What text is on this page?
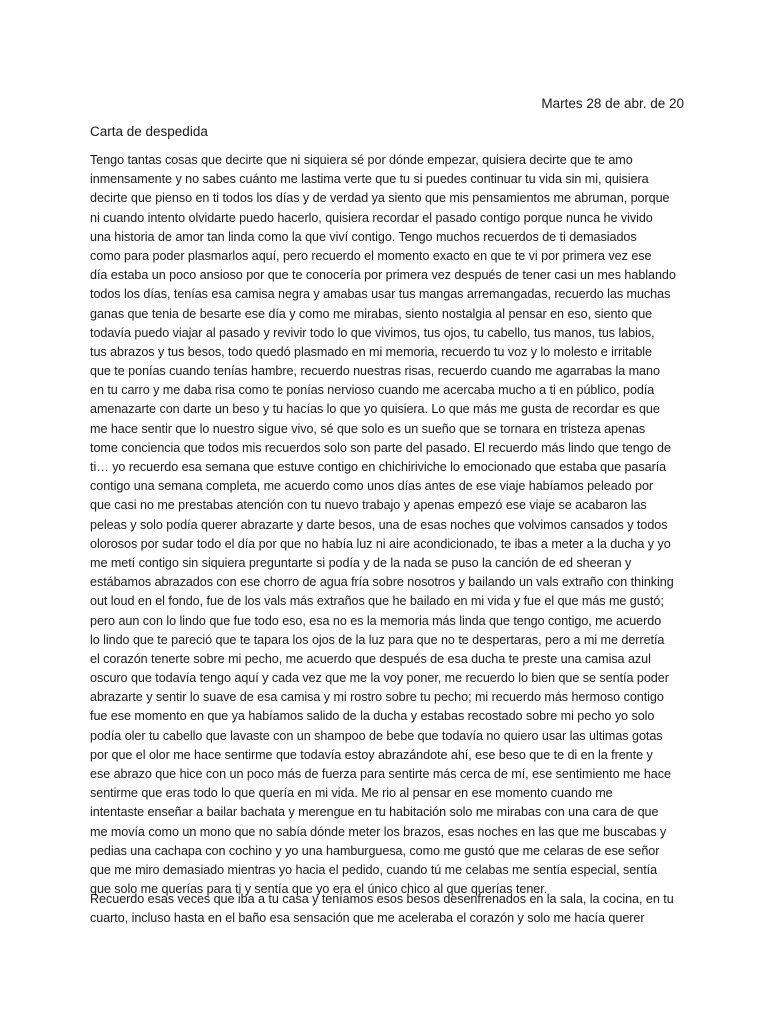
Martes 28 de abr. de 20
Carta de despedida
Tengo tantas cosas que decirte que ni siquiera sé por dónde empezar, quisiera decirte que te amo
inmensamente y no sabes cuánto me lastima verte que tu si puedes continuar tu vida sin mi, quisiera
decirte que pienso en ti todos los días y de verdad ya siento que mis pensamientos me abruman, porque
ni cuando intento olvidarte puedo hacerlo, quisiera recordar el pasado contigo porque nunca he vivido
una historia de amor tan linda como la que viví contigo. Tengo muchos recuerdos de ti demasiados
como para poder plasmarlos aquí, pero recuerdo el momento exacto en que te vi por primera vez ese
día estaba un poco ansioso por que te conocería por primera vez después de tener casi un mes hablando
todos los días, tenías esa camisa negra y amabas usar tus mangas arremangadas, recuerdo las muchas
ganas que tenia de besarte ese día y como me mirabas, siento nostalgia al pensar en eso, siento que
todavía puedo viajar al pasado y revivir todo lo que vivimos, tus ojos, tu cabello, tus manos, tus labios,
tus abrazos y tus besos, todo quedó plasmado en mi memoria, recuerdo tu voz y lo molesto e irritable
que te ponías cuando tenías hambre, recuerdo nuestras risas, recuerdo cuando me agarrabas la mano
en tu carro y me daba risa como te ponías nervioso cuando me acercaba mucho a ti en público, podía
amenazarte con darte un beso y tu hacías lo que yo quisiera. Lo que más me gusta de recordar es que
me hace sentir que lo nuestro sigue vivo, sé que solo es un sueño que se tornara en tristeza apenas
tome conciencia que todos mis recuerdos solo son parte del pasado. El recuerdo más lindo que tengo de
ti… yo recuerdo esa semana que estuve contigo en chichiriviche lo emocionado que estaba que pasaría
contigo una semana completa, me acuerdo como unos días antes de ese viaje habíamos peleado por
que casi no me prestabas atención con tu nuevo trabajo y apenas empezó ese viaje se acabaron las
peleas y solo podía querer abrazarte y darte besos, una de esas noches que volvimos cansados y todos
olorosos por sudar todo el día por que no había luz ni aire acondicionado, te ibas a meter a la ducha y yo
me metí contigo sin siquiera preguntarte si podía y de la nada se puso la canción de ed sheeran y
estábamos abrazados con ese chorro de agua fría sobre nosotros y bailando un vals extraño con thinking
out loud en el fondo, fue de los vals más extraños que he bailado en mi vida y fue el que más me gustó;
pero aun con lo lindo que fue todo eso, esa no es la memoria más linda que tengo contigo, me acuerdo
lo lindo que te pareció que te tapara los ojos de la luz para que no te despertaras, pero a mi me derretía
el corazón tenerte sobre mi pecho, me acuerdo que después de esa ducha te preste una camisa azul
oscuro que todavía tengo aquí y cada vez que me la voy poner, me recuerdo lo bien que se sentía poder
abrazarte y sentir lo suave de esa camisa y mi rostro sobre tu pecho; mi recuerdo más hermoso contigo
fue ese momento en que ya habíamos salido de la ducha y estabas recostado sobre mi pecho yo solo
podía oler tu cabello que lavaste con un shampoo de bebe que todavía no quiero usar las ultimas gotas
por que el olor me hace sentirme que todavía estoy abrazándote ahí, ese beso que te di en la frente y
ese abrazo que hice con un poco más de fuerza para sentirte más cerca de mí, ese sentimiento me hace
sentirme que eras todo lo que quería en mi vida. Me rio al pensar en ese momento cuando me
intentaste enseñar a bailar bachata y merengue en tu habitación solo me mirabas con una cara de que
me movía como un mono que no sabía dónde meter los brazos, esas noches en las que me buscabas y
pedias una cachapa con cochino y yo una hamburguesa, como me gustó que me celaras de ese señor
que me miro demasiado mientras yo hacia el pedido, cuando tú me celabas me sentía especial, sentía
que solo me querías para ti y sentía que yo era el único chico al que querías tener.
Recuerdo esas veces que iba a tu casa y teníamos esos besos desenfrenados en la sala, la cocina, en tu
cuarto, incluso hasta en el baño esa sensación que me aceleraba el corazón y solo me hacía querer
